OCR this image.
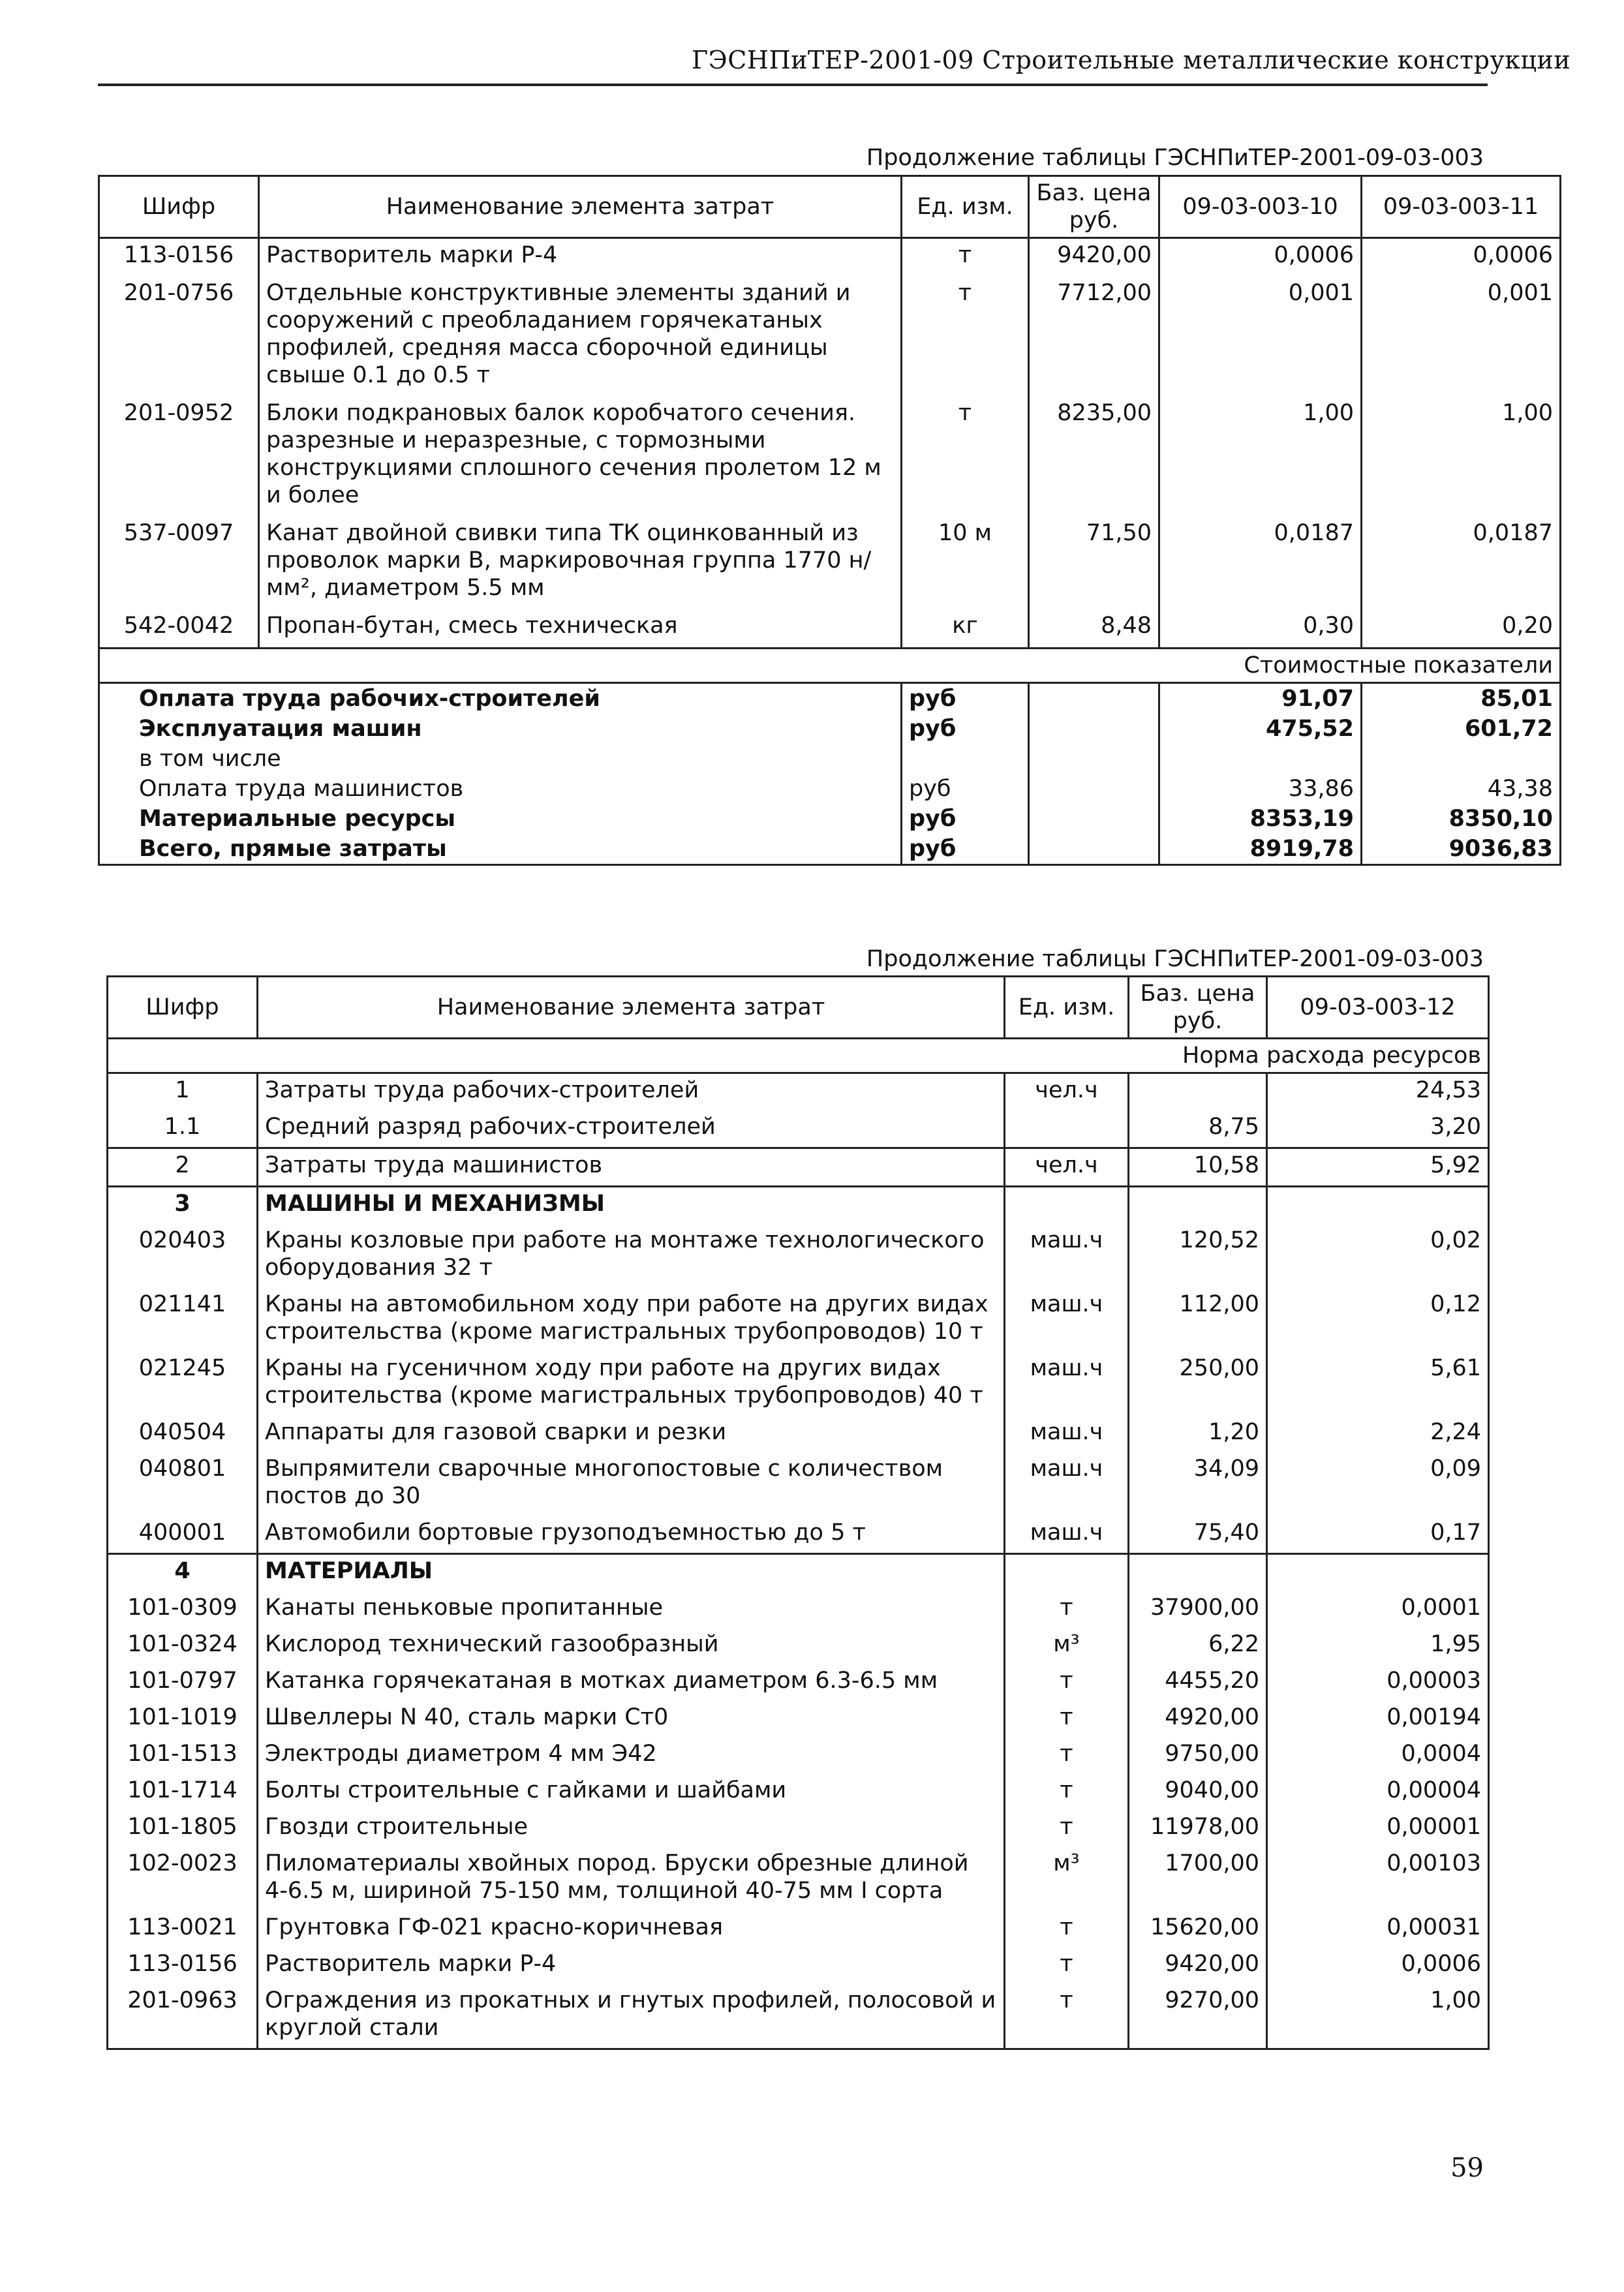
ГЭСНПиТЕР-2001-09 Строительные металлические конструкции
Продолжение таблицы ГЭСНПиТЕР-2001-09-03-003
Шифр	Наименование элемента затрат	Ед. изм.	Баз. цена руб.	09-03-003-10	09-03-003-11
113-0156	Растворитель марки Р-4	т	9420,00	0,0006	0,0006
201-0756	Отдельные конструктивные элементы зданий и сооружений с преобладанием горячекатаных профилей, средняя масса сборочной единицы свыше 0.1 до 0.5 т	т	7712,00	0,001	0,001
201-0952	Блоки подкрановых балок коробчатого сечения. разрезные и неразрезные, с тормозными конструкциями сплошного сечения пролетом 12 м и более	т	8235,00	1,00	1,00
537-0097	Канат двойной свивки типа ТК оцинкованный из проволок марки В, маркировочная группа 1770 н/мм², диаметром 5.5 мм	10 м	71,50	0,0187	0,0187
542-0042	Пропан-бутан, смесь техническая	кг	8,48	0,30	0,20
Стоимостные показатели					
Оплата труда рабочих-строителей		руб		91,07	85,01
Эксплуатация машин		руб		475,52	601,72
в том числе					
Оплата труда машинистов		руб		33,86	43,38
Материальные ресурсы		руб		8353,19	8350,10
Всего, прямые затраты		руб		8919,78	9036,83
Продолжение таблицы ГЭСНПиТЕР-2001-09-03-003
Шифр	Наименование элемента затрат	Ед. изм.	Баз. цена руб.	09-03-003-12
Норма расхода ресурсов				
1	Затраты труда рабочих-строителей	чел.ч		24,53
1.1	Средний разряд рабочих-строителей		8,75	3,20
2	Затраты труда машинистов	чел.ч	10,58	5,92
3	МАШИНЫ И МЕХАНИЗМЫ			
020403	Краны козловые при работе на монтаже технологического оборудования 32 т	маш.ч	120,52	0,02
021141	Краны на автомобильном ходу при работе на других видах строительства (кроме магистральных трубопроводов) 10 т	маш.ч	112,00	0,12
021245	Краны на гусеничном ходу при работе на других видах строительства (кроме магистральных трубопроводов) 40 т	маш.ч	250,00	5,61
040504	Аппараты для газовой сварки и резки	маш.ч	1,20	2,24
040801	Выпрямители сварочные многопостовые с количеством постов до 30	маш.ч	34,09	0,09
400001	Автомобили бортовые грузоподъемностью до 5 т	маш.ч	75,40	0,17
4	МАТЕРИАЛЫ			
101-0309	Канаты пеньковые пропитанные	т	37900,00	0,0001
101-0324	Кислород технический газообразный	м³	6,22	1,95
101-0797	Катанка горячекатаная в мотках диаметром 6.3-6.5 мм	т	4455,20	0,00003
101-1019	Швеллеры N 40, сталь марки Ст0	т	4920,00	0,00194
101-1513	Электроды диаметром 4 мм Э42	т	9750,00	0,0004
101-1714	Болты строительные с гайками и шайбами	т	9040,00	0,00004
101-1805	Гвозди строительные	т	11978,00	0,00001
102-0023	Пиломатериалы хвойных пород. Бруски обрезные длиной 4-6.5 м, шириной 75-150 мм, толщиной 40-75 мм I сорта	м³	1700,00	0,00103
113-0021	Грунтовка ГФ-021 красно-коричневая	т	15620,00	0,00031
113-0156	Растворитель марки Р-4	т	9420,00	0,0006
201-0963	Ограждения из прокатных и гнутых профилей, полосовой и круглой стали	т	9270,00	1,00
59
